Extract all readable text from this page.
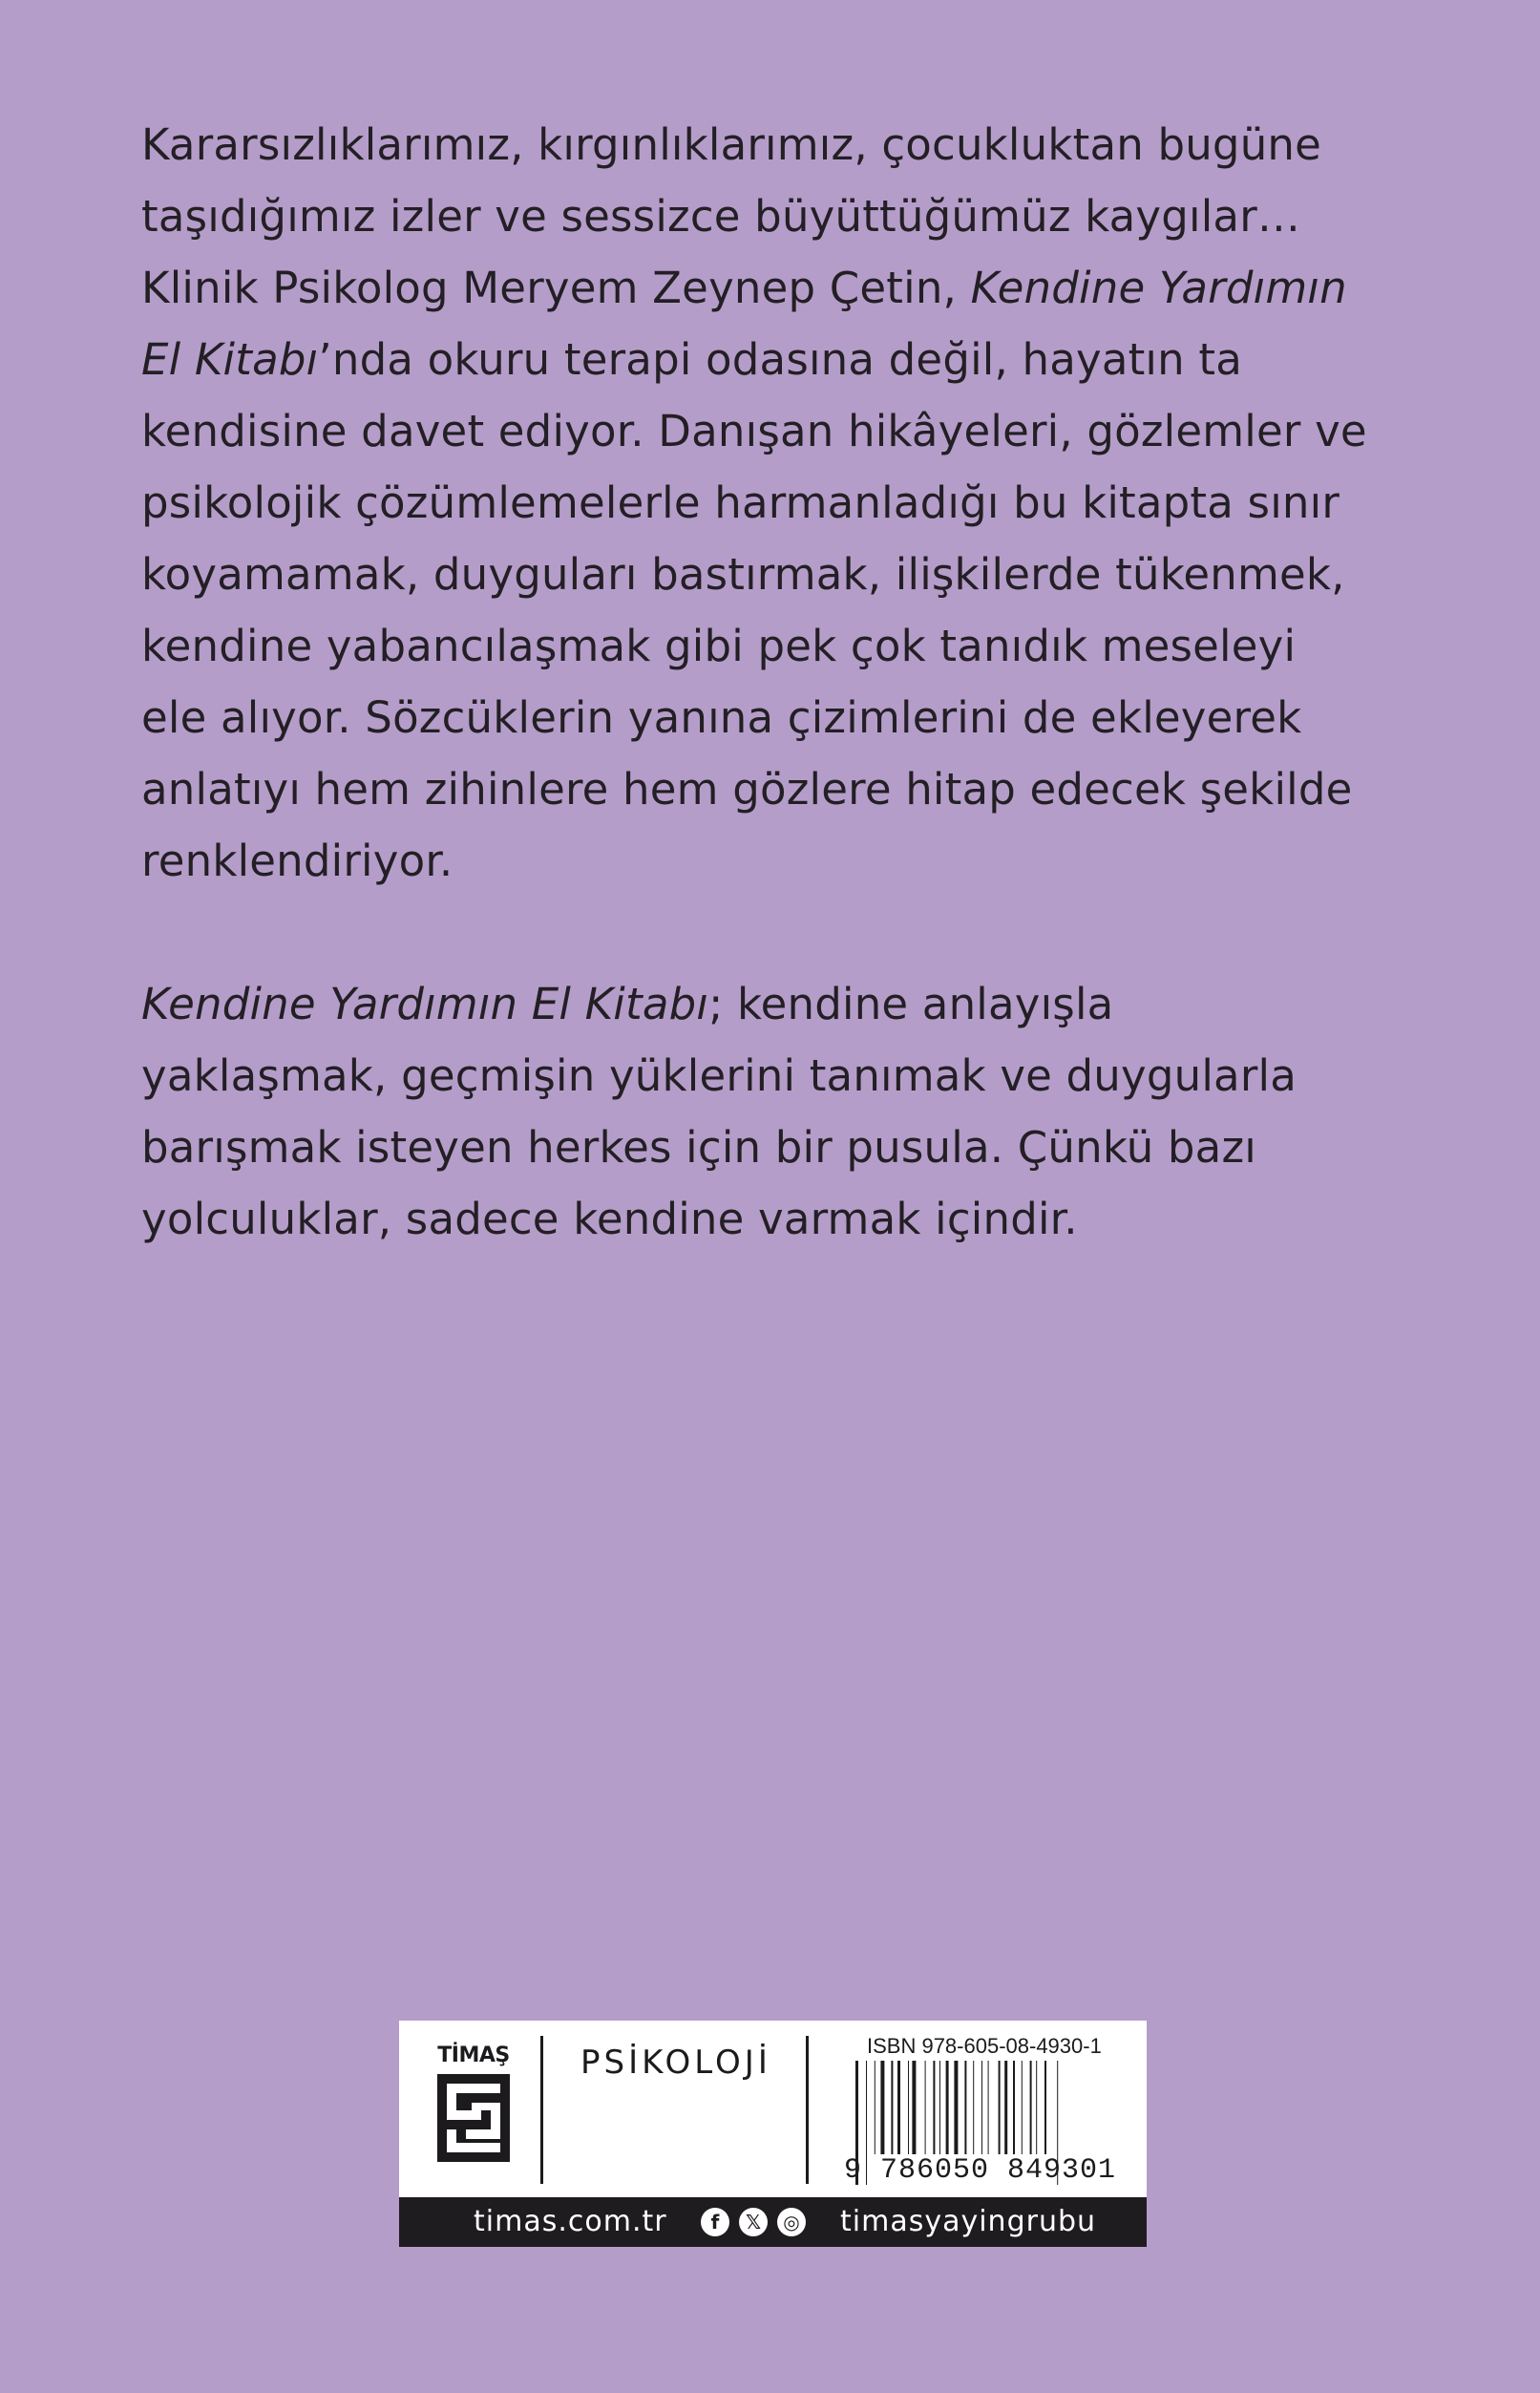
Kararsızlıklarımız, kırgınlıklarımız, çocukluktan bugüne
taşıdığımız izler ve sessizce büyüttüğümüz kaygılar…
Klinik Psikolog Meryem Zeynep Çetin, Kendine Yardımın
El Kitabı’nda okuru terapi odasına değil, hayatın ta
kendisine davet ediyor. Danışan hikâyeleri, gözlemler ve
psikolojik çözümlemelerle harmanladığı bu kitapta sınır
koyamamak, duyguları bastırmak, ilişkilerde tükenmek,
kendine yabancılaşmak gibi pek çok tanıdık meseleyi
ele alıyor. Sözcüklerin yanına çizimlerini de ekleyerek
anlatıyı hem zihinlere hem gözlere hitap edecek şekilde
renklendiriyor.

Kendine Yardımın El Kitabı; kendine anlayışla
yaklaşmak, geçmişin yüklerini tanımak ve duygularla
barışmak isteyen herkes için bir pusula. Çünkü bazı
yolculuklar, sadece kendine varmak içindir.

TİMAŞ PSİKOLOJİ	ISBN 978-605-08-4930-1
9 786050 849301
timas.com.tr	f	𝕏	◎ timasyayingrubu
